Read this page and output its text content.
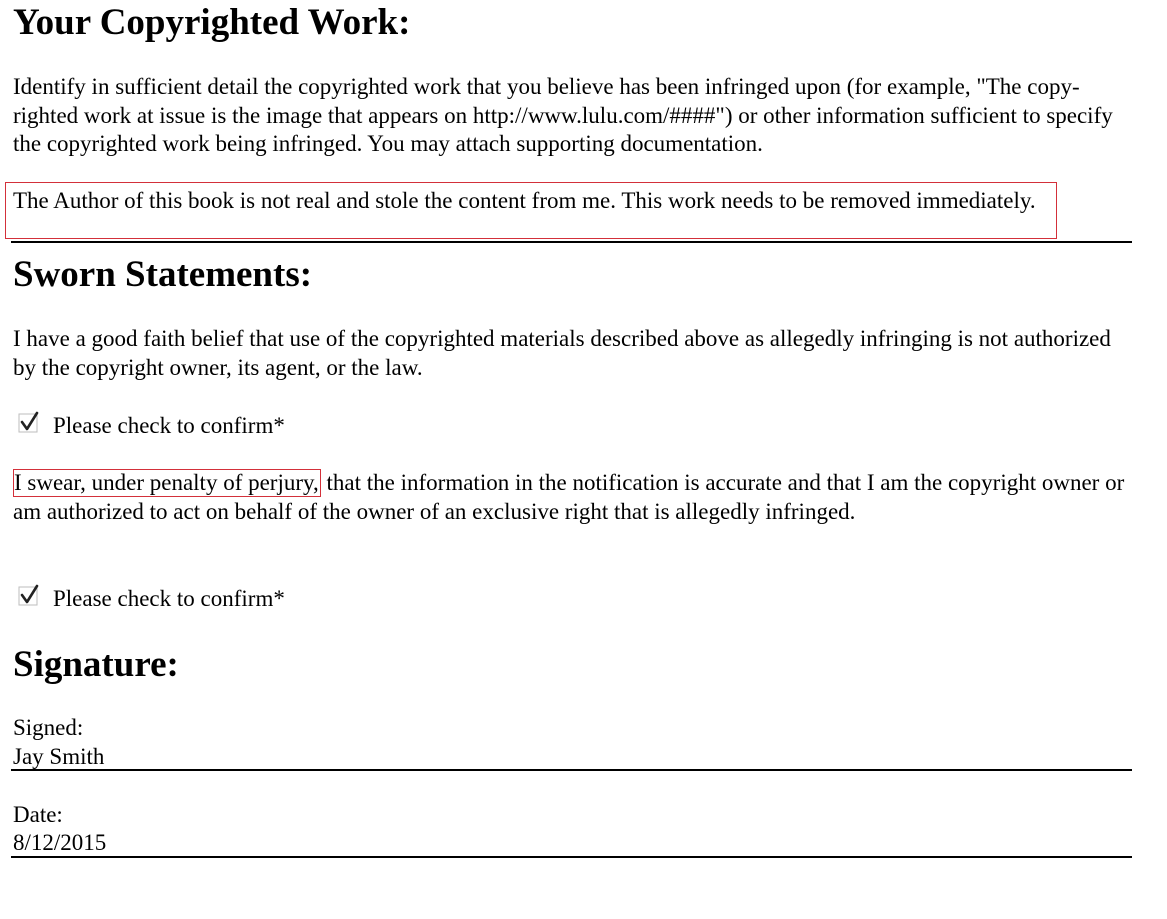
Your Copyrighted Work:

Identify in sufficient detail the copyrighted work that you believe has been infringed upon (for example, "The copy- righted work at issue is the image that appears on http://www.lulu.com/####") or other information sufficient to specify the copyrighted work being infringed. You may attach supporting documentation.

The Author of this book is not real and stole the content from me. This work needs to be removed immediately.

Sworn Statements:

I have a good faith belief that use of the copyrighted materials described above as allegedly infringing is not authorized by the copyright owner, its agent, or the law.

Please check to confirm*

I swear, under penalty of perjury, that the information in the notification is accurate and that I am the copyright owner or am authorized to act on behalf of the owner of an exclusive right that is allegedly infringed.

Please check to confirm*
Signature:
Signed:
Jay Smith
Date:
8/12/2015
